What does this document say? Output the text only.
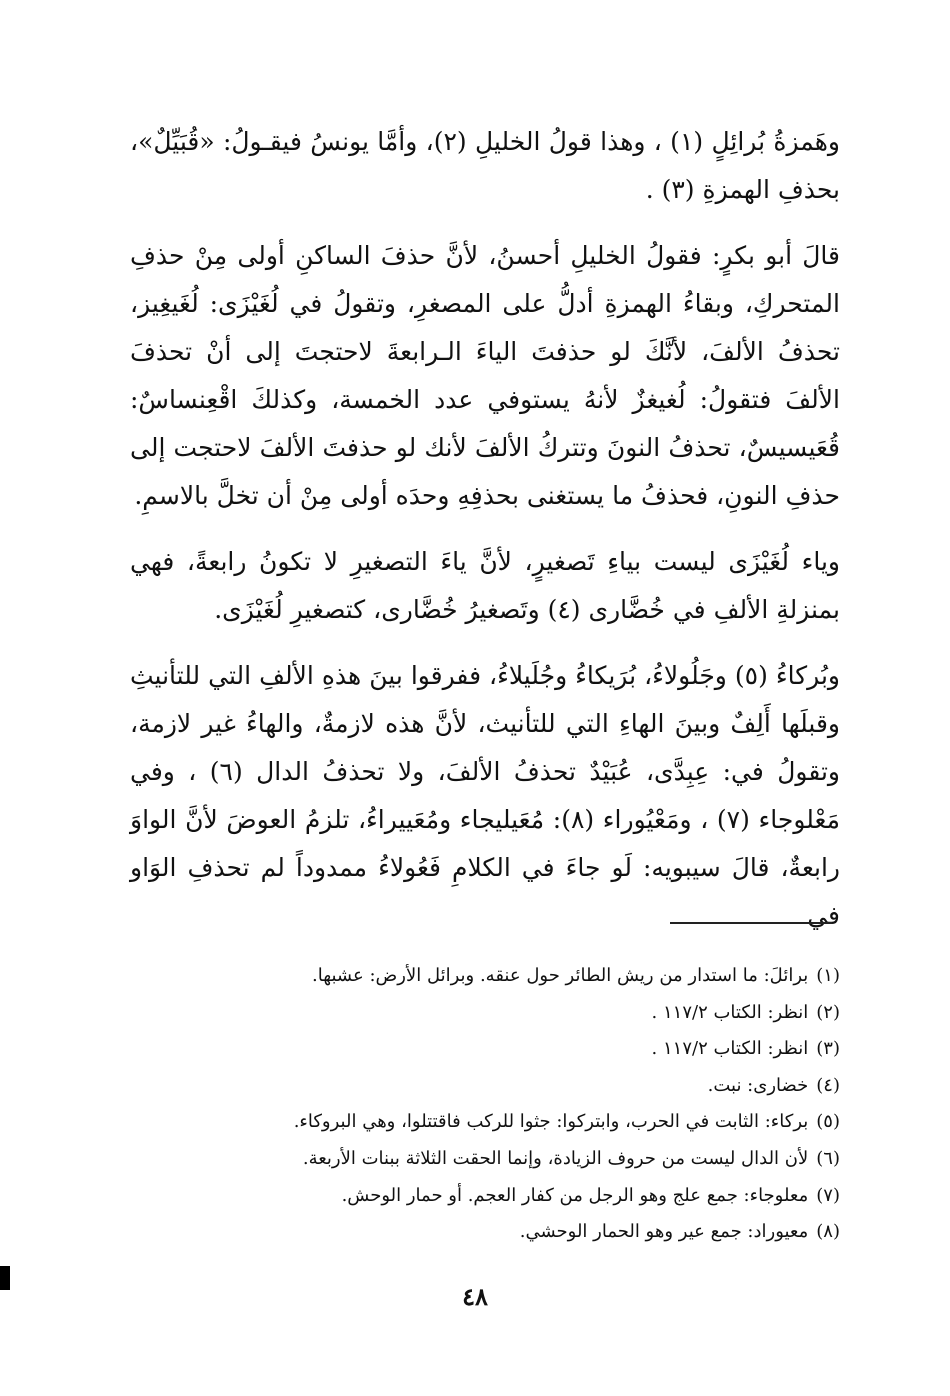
وهَمزةُ بُرائِلٍ (١) ، وهذا قولُ الخليلِ (٢)، وأمَّا يونسُ فيقـولُ: «قُبَيِّلٌ»، بحذفِ الهمزةِ (٣) .

قالَ أبو بكرٍ: فقولُ الخليلِ أحسنُ، لأنَّ حذفَ الساكنِ أولى مِنْ حذفِ المتحركِ، وبقاءُ الهمزةِ أدلُّ على المصغرِ، وتقولُ في لُغَيْزَى: لُغَيغِيز، تحذفُ الألفَ، لأنَّكَ لو حذفتَ الياءَ الـرابعةَ لاحتجتَ إلى أنْ تحذفَ الألفَ فتقولُ: لُغيغزٌ لأنهُ يستوفي عدد الخمسة، وكذلكَ اقْعِنساسٌ: قُعَيسيسٌ، تحذفُ النونَ وتتركُ الألفَ لأنك لو حذفتَ الألفَ لاحتجت إلى حذفِ النونِ، فحذفُ ما يستغنى بحذفِهِ وحدَه أولى مِنْ أن تخلَّ بالاسمِ.

وياء لُغَيْزَى ليست بياءِ تَصغيرٍ، لأنَّ ياءَ التصغيرِ لا تكونُ رابعةً، فهي بمنزلةِ الألفِ في خُضَّارى (٤) وتَصغيرُ خُضَّارى، كتصغيرِ لُغَيْزَى.

وبُركاءُ (٥) وجَلُولاءُ، بُرَيكاءُ وجُلَيلاءُ، ففرقوا بينَ هذهِ الألفِ التي للتأنيثِ وقبلَها أَلِفٌ وبينَ الهاءِ التي للتأنيث، لأنَّ هذه لازمةٌ، والهاءُ غير لازمة، وتقولُ في: عِبِدَّى، عُبَيْدٌ تحذفُ الألفَ، ولا تحذفُ الدال (٦) ، وفي مَعْلوجاء (٧) ، ومَعْيُوراء (٨): مُعَيليجاء ومُعَييراءُ، تلزمُ العوضَ لأنَّ الواوَ رابعةٌ، قالَ سيبويه: لَو جاءَ في الكلامِ فَعُولاءُ ممدوداً لم تحذفِ الوَاو في

(١)برائلَ: ما استدار من ريش الطائر حول عنقه. وبرائل الأرض: عشبها.
(٢)انظر: الكتاب ١١٧/٢ .
(٣)انظر: الكتاب ١١٧/٢ .
(٤)خضارى: نبت.
(٥)بركاء: الثابت في الحرب، وابتركوا: جثوا للركب فاقتتلوا، وهي البروكاء.
(٦)لأن الدال ليست من حروف الزيادة، وإنما الحقت الثلاثة ببنات الأربعة.
(٧)معلوجاء: جمع علج وهو الرجل من كفار العجم. أو حمار الوحش.
(٨)معيوراد: جمع عير وهو الحمار الوحشي.
٤٨
